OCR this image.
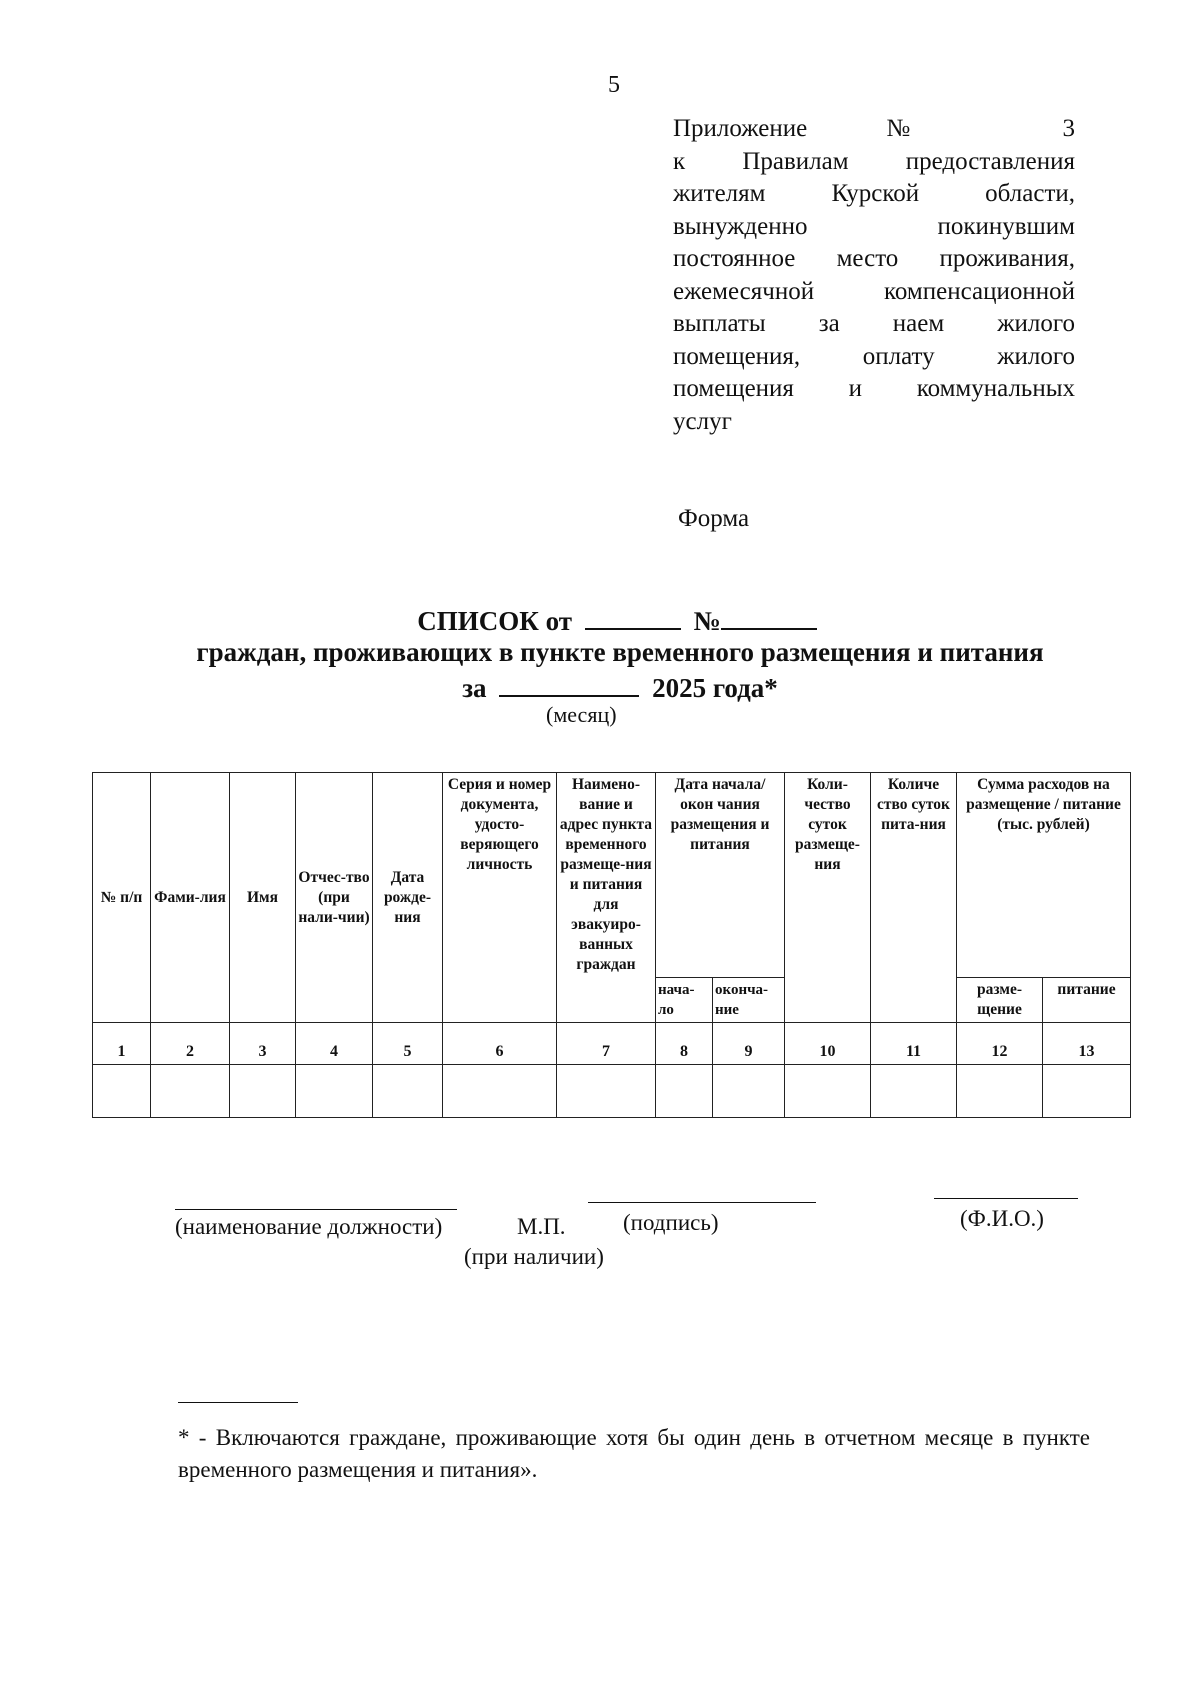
5
Приложение № 3
к Правилам предоставления
жителям Курской области,
вынужденно покинувшим
постоянное место проживания,
ежемесячной компенсационной
выплаты за наем жилого
помещения, оплату жилого
помещения и коммунальных
услуг
Форма
СПИСОК от	№
граждан, проживающих в пункте временного размещения и питания
за	2025 года*
(месяц)
№ п/п	Фами-лия	Имя	Отчес-тво (при нали-чии)	Дата рожде-ния	Серия и номер документа, удосто-веряющего личность	Наимено-вание и адрес пункта временного размеще-ния и питания для эвакуиро-ванных граждан	Дата начала/окон чания размещения и питания		Коли-чество суток размеще-ния	Количе ство суток пита-ния	Сумма расходов на размещение / питание (тыс. рублей)	
							нача-ло	оконча-ние			разме-щение	питание
1	2	3	4	5	6	7	8	9	10	11	12	13

(наименование должности)	М.П.
(при наличии)
(подпись)	(Ф.И.О.)
* - Включаются граждане, проживающие хотя бы один день в отчетном месяце в пункте временного размещения и питания».
